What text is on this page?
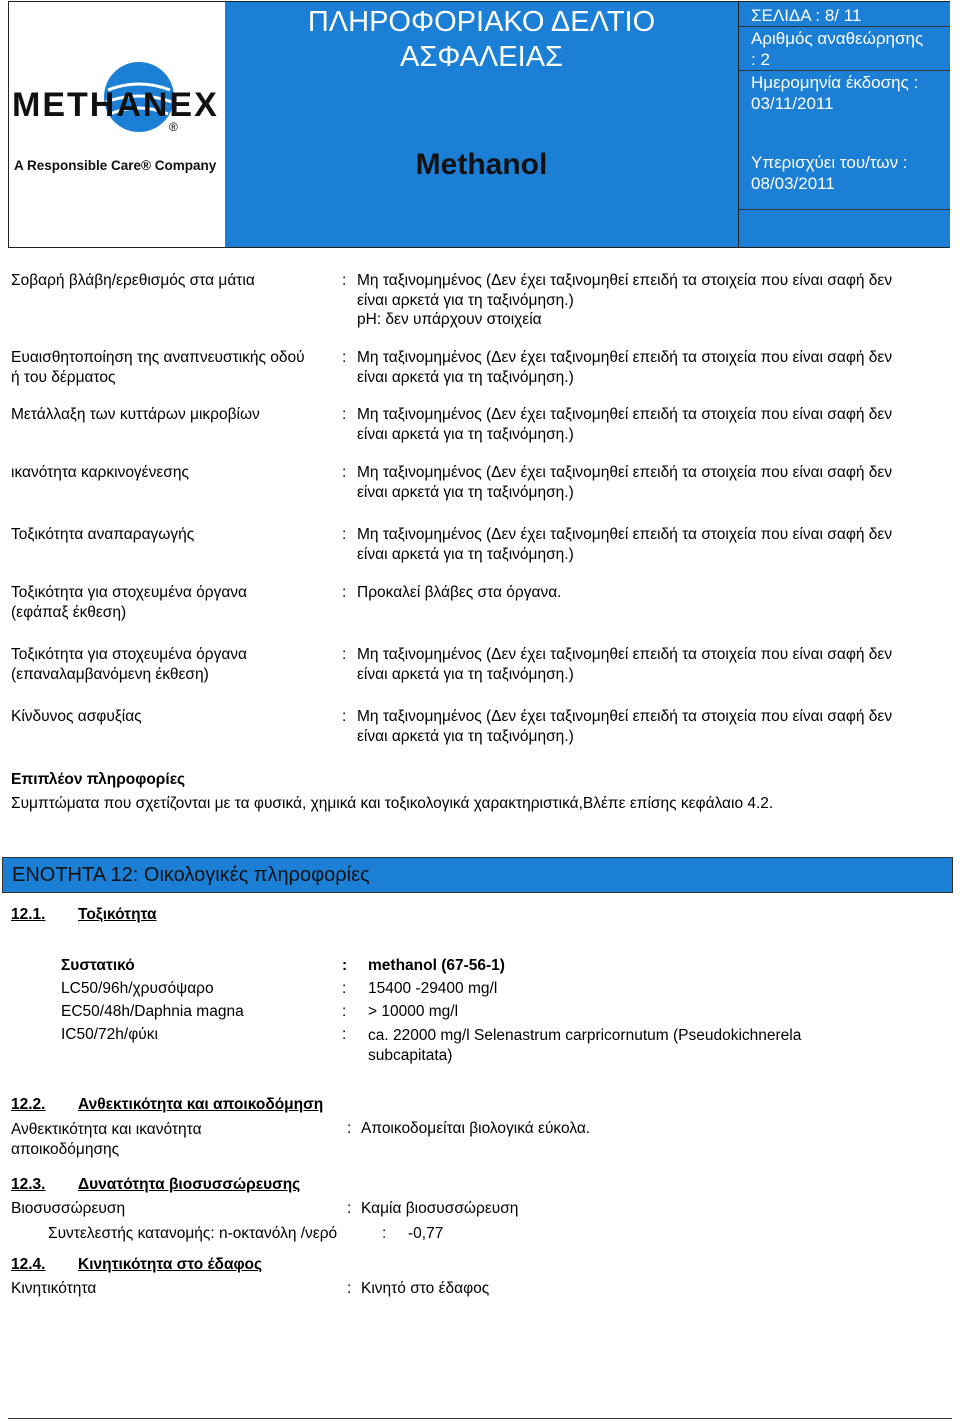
METHANEX
®
A Responsible Care® Company
ΠΛΗΡΟΦΟΡΙΑΚΟ ΔΕΛΤΙΟ
ΑΣΦΑΛΕΙΑΣ
Methanol
ΣΕΛΙΔΑ : 8/ 11
Αριθμός αναθεώρησης
: 2
Ημερομηνία έκδοσης :
03/11/2011
Υπερισχύει του/των :
08/03/2011
Σοβαρή βλάβη/ερεθισμός στα μάτια	: Μη ταξινομημένος (Δεν έχει ταξινομηθεί επειδή τα στοιχεία που είναι σαφή δεν
είναι αρκετά για τη ταξινόμηση.)
pH: δεν υπάρχουν στοιχεία
Ευαισθητοποίηση της αναπνευστικής οδού
ή του δέρματος
: Μη ταξινομημένος (Δεν έχει ταξινομηθεί επειδή τα στοιχεία που είναι σαφή δεν
είναι αρκετά για τη ταξινόμηση.)
Μετάλλαξη των κυττάρων μικροβίων	: Μη ταξινομημένος (Δεν έχει ταξινομηθεί επειδή τα στοιχεία που είναι σαφή δεν
είναι αρκετά για τη ταξινόμηση.)
ικανότητα καρκινογένεσης	: Μη ταξινομημένος (Δεν έχει ταξινομηθεί επειδή τα στοιχεία που είναι σαφή δεν
είναι αρκετά για τη ταξινόμηση.)
Τοξικότητα αναπαραγωγής	: Μη ταξινομημένος (Δεν έχει ταξινομηθεί επειδή τα στοιχεία που είναι σαφή δεν
είναι αρκετά για τη ταξινόμηση.)
Τοξικότητα για στοχευμένα όργανα
(εφάπαξ έκθεση)
: Προκαλεί βλάβες στα όργανα.
Τοξικότητα για στοχευμένα όργανα
(επαναλαμβανόμενη έκθεση)
: Μη ταξινομημένος (Δεν έχει ταξινομηθεί επειδή τα στοιχεία που είναι σαφή δεν
είναι αρκετά για τη ταξινόμηση.)
Κίνδυνος ασφυξίας	: Μη ταξινομημένος (Δεν έχει ταξινομηθεί επειδή τα στοιχεία που είναι σαφή δεν
είναι αρκετά για τη ταξινόμηση.)
Επιπλέον πληροφορίες
Συμπτώματα που σχετίζονται με τα φυσικά, χημικά και τοξικολογικά χαρακτηριστικά,Βλέπε επίσης κεφάλαιο 4.2.
ΕΝΟΤΗΤΑ 12: Οικολογικές πληροφορίες
12.1. Τοξικότητα
Συστατικό	: methanol (67-56-1)
LC50/96h/χρυσόψαρο	: 15400 -29400 mg/l
EC50/48h/Daphnia magna	: > 10000 mg/l
IC50/72h/φύκι	: ca. 22000 mg/l Selenastrum carpricornutum (Pseudokichnerela
subcapitata)
12.2. Ανθεκτικότητα και αποικοδόμηση
Ανθεκτικότητα και ικανότητα
αποικοδόμησης
: Αποικοδομείται βιολογικά εύκολα.
12.3. Δυνατότητα βιοσυσσώρευσης
Βιοσυσσώρευση	: Καμία βιοσυσσώρευση
Συντελεστής κατανομής: n-οκτανόλη /νερό	: -0,77
12.4. Κινητικότητα στο έδαφος
Κινητικότητα	: Κινητό στο έδαφος
